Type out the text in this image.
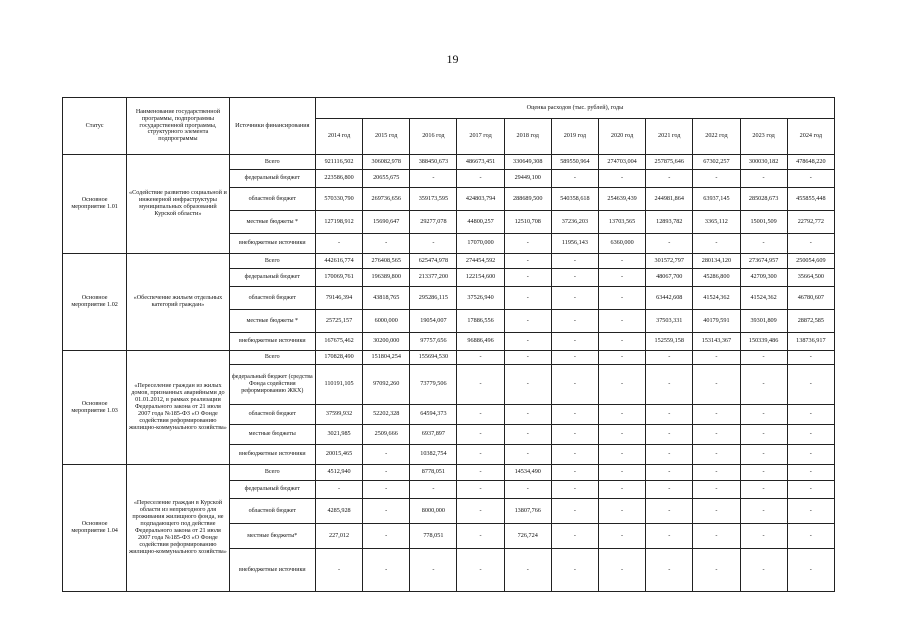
19
Статус	Наименование государственной программы, подпрограммы государственной программы, структурного элемента подпрограммы	Источники финансирования	Оценка расходов (тыс. рублей), годы										
			2014 год	2015 год	2016 год	2017 год	2018 год	2019 год	2020 год	2021 год	2022 год	2023 год	2024 год
Основное мероприятие 1.01	«Содействие развитию социальной и инженерной инфраструктуры муниципальных образований Курской области»	Всего	921116,502	306082,978	388450,673	486673,451	330649,308	589550,964	274703,004	257875,646	67302,257	300030,182	478648,220
		федеральный бюджет	223586,800	20655,675	-	-	29449,100	-	-	-	-	-	-
		областной бюджет	570330,790	269736,656	359173,595	424803,794	288689,500	540358,618	254639,439	244981,864	63937,145	285028,673	455855,448
		местные бюджеты *	127198,912	15690,647	29277,078	44800,257	12510,708	37236,203	13703,565	12893,782	3365,112	15001,509	22792,772
		внебюджетные источники	-	-	-	17070,000	-	11956,143	6360,000	-	-	-	-
Основное мероприятие 1.02	«Обеспечение жильем отдельных категорий граждан»	Всего	442616,774	276408,565	625474,978	274454,592	-	-	-	301572,797	280134,120	273674,957	250054,609
		федеральный бюджет	170069,761	196389,800	213377,200	122154,600	-	-	-	48067,700	45286,800	42709,300	35664,500
		областной бюджет	79146,394	43818,765	295286,115	37526,940	-	-	-	63442,608	41524,362	41524,362	46780,607
		местные бюджеты *	25725,157	6000,000	19054,007	17886,556	-	-	-	37503,331	40179,591	39301,809	28872,585
		внебюджетные источники	167675,462	30200,000	97757,656	96886,496	-	-	-	152559,158	153143,367	150339,486	138736,917
Основное мероприятие 1.03	«Переселение граждан из жилых домов, признанных аварийными до 01.01.2012, в рамках реализации Федерального закона от 21 июля 2007 года №185-ФЗ «О Фонде содействия реформированию жилищно-коммунального хозяйства»	Всего	170828,490	151804,254	155694,530	-	-	-	-	-	-	-	-
		федеральный бюджет (средства Фонда содействия реформированию ЖКХ)	110191,105	97092,260	73779,506	-	-	-	-	-	-	-	-
		областной бюджет	37599,932	52202,328	64594,373	-	-	-	-	-	-	-	-
		местные бюджеты	3021,985	2509,666	6937,897	-	-	-	-	-	-	-	-
		внебюджетные источники	20015,465	-	10382,754	-	-	-	-	-	-	-	-
Основное мероприятие 1.04	«Переселение граждан в Курской области из непригодного для проживания жилищного фонда, не подпадающего под действие Федерального закона от 21 июля 2007 года №185-ФЗ «О Фонде содействия реформированию жилищно-коммунального хозяйства»	Всего	4512,940	-	8778,051	-	14534,490	-	-	-	-	-	-
		федеральный бюджет	-	-	-	-	-	-	-	-	-	-	-
		областной бюджет	4285,928	-	8000,000	-	13807,766	-	-	-	-	-	-
		местные бюджеты*	227,012	-	778,051	-	726,724	-	-	-	-	-	-
		внебюджетные источники	-	-	-	-	-	-	-	-	-	-	-
